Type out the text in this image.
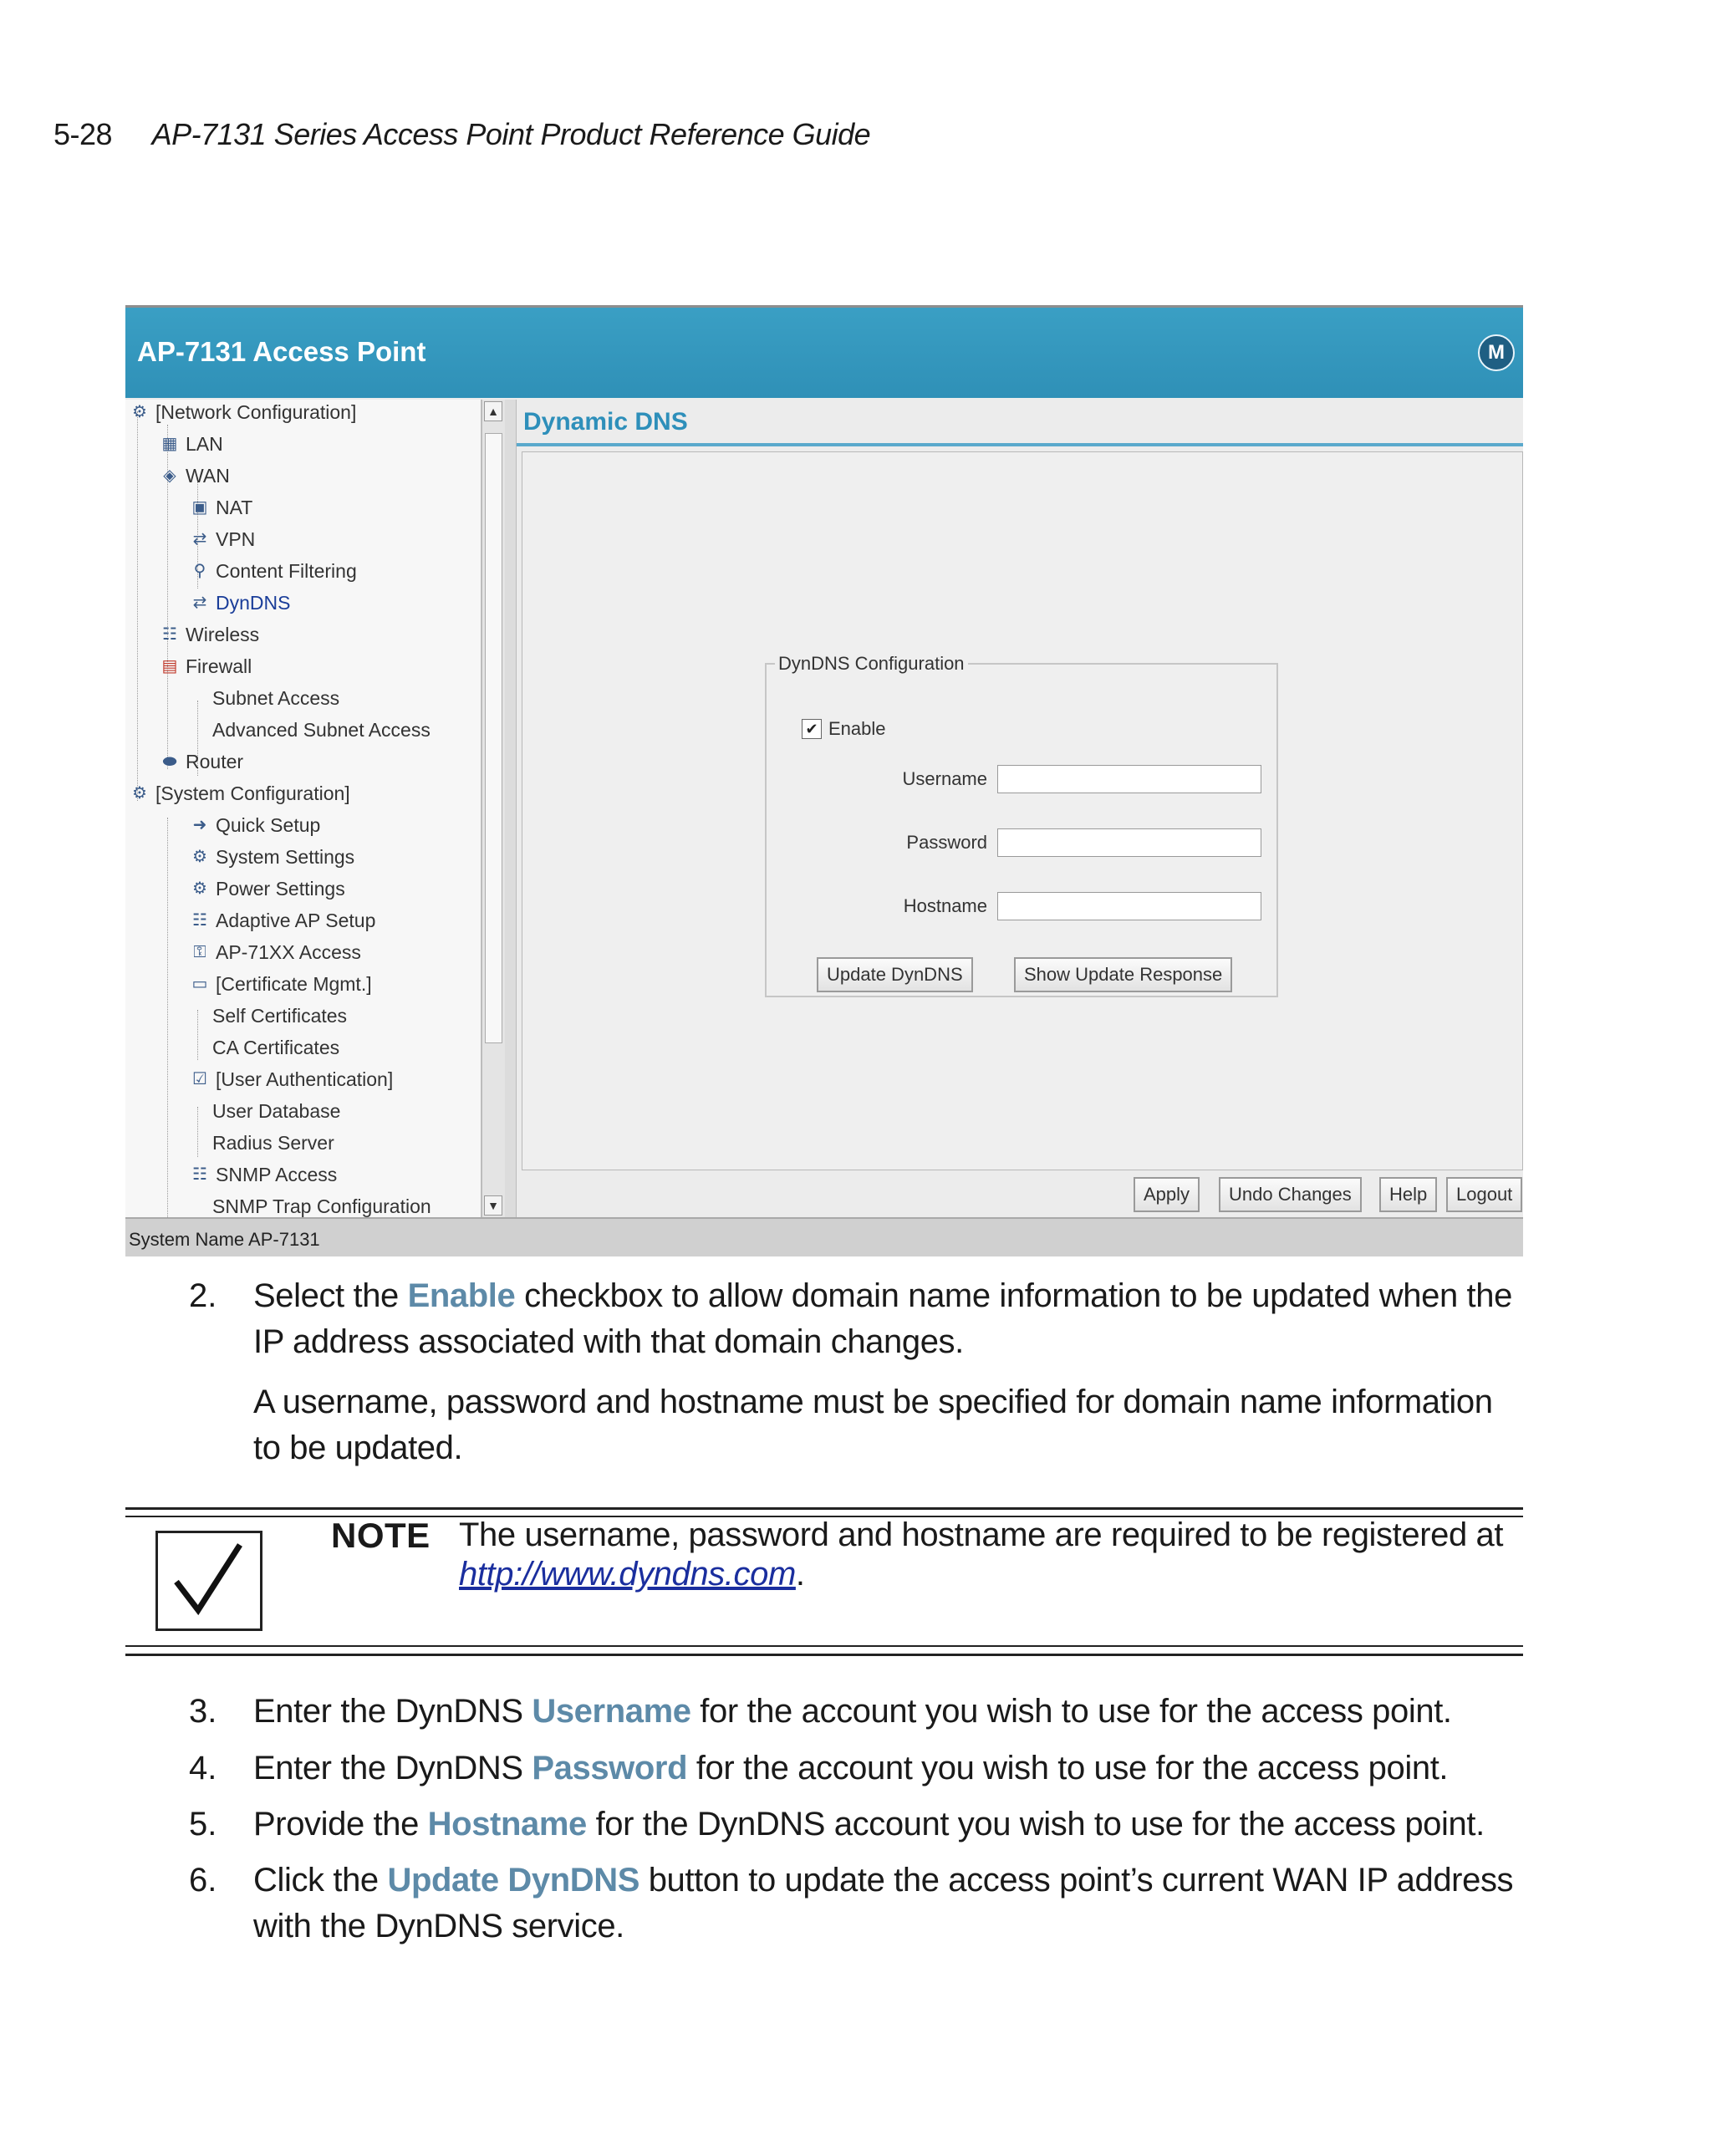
5-28 AP-7131 Series Access Point Product Reference Guide
AP-7131 Access Point	M
⚙ [Network Configuration]
▦ LAN
◈ WAN
▣ NAT
⇄ VPN
⚲ Content Filtering
⇄ DynDNS
☷ Wireless
▤ Firewall
Subnet Access
Advanced Subnet Access
⬬ Router
⚙ [System Configuration]
➜ Quick Setup
⚙ System Settings
⚙ Power Settings
☷ Adaptive AP Setup
⚿ AP-71XX Access
▭ [Certificate Mgmt.]
Self Certificates
CA Certificates
☑ [User Authentication]
User Database
Radius Server
☷ SNMP Access
SNMP Trap Configuration
▲
▼
Dynamic DNS
DynDNS Configuration
✔ Enable
Username
Password
Hostname
Update DynDNS	Show Update Response
Apply	Undo Changes	Help	Logout
System Name AP-7131
2. Select the Enable checkbox to allow domain name information to be updated when the IP address associated with that domain changes.
A username, password and hostname must be specified for domain name information to be updated.
NOTE The username, password and hostname are required to be registered at http://www.dyndns.com.
3. Enter the DynDNS Username for the account you wish to use for the access point.
4. Enter the DynDNS Password for the account you wish to use for the access point.
5. Provide the Hostname for the DynDNS account you wish to use for the access point.
6. Click the Update DynDNS button to update the access point’s current WAN IP address with the DynDNS service.
